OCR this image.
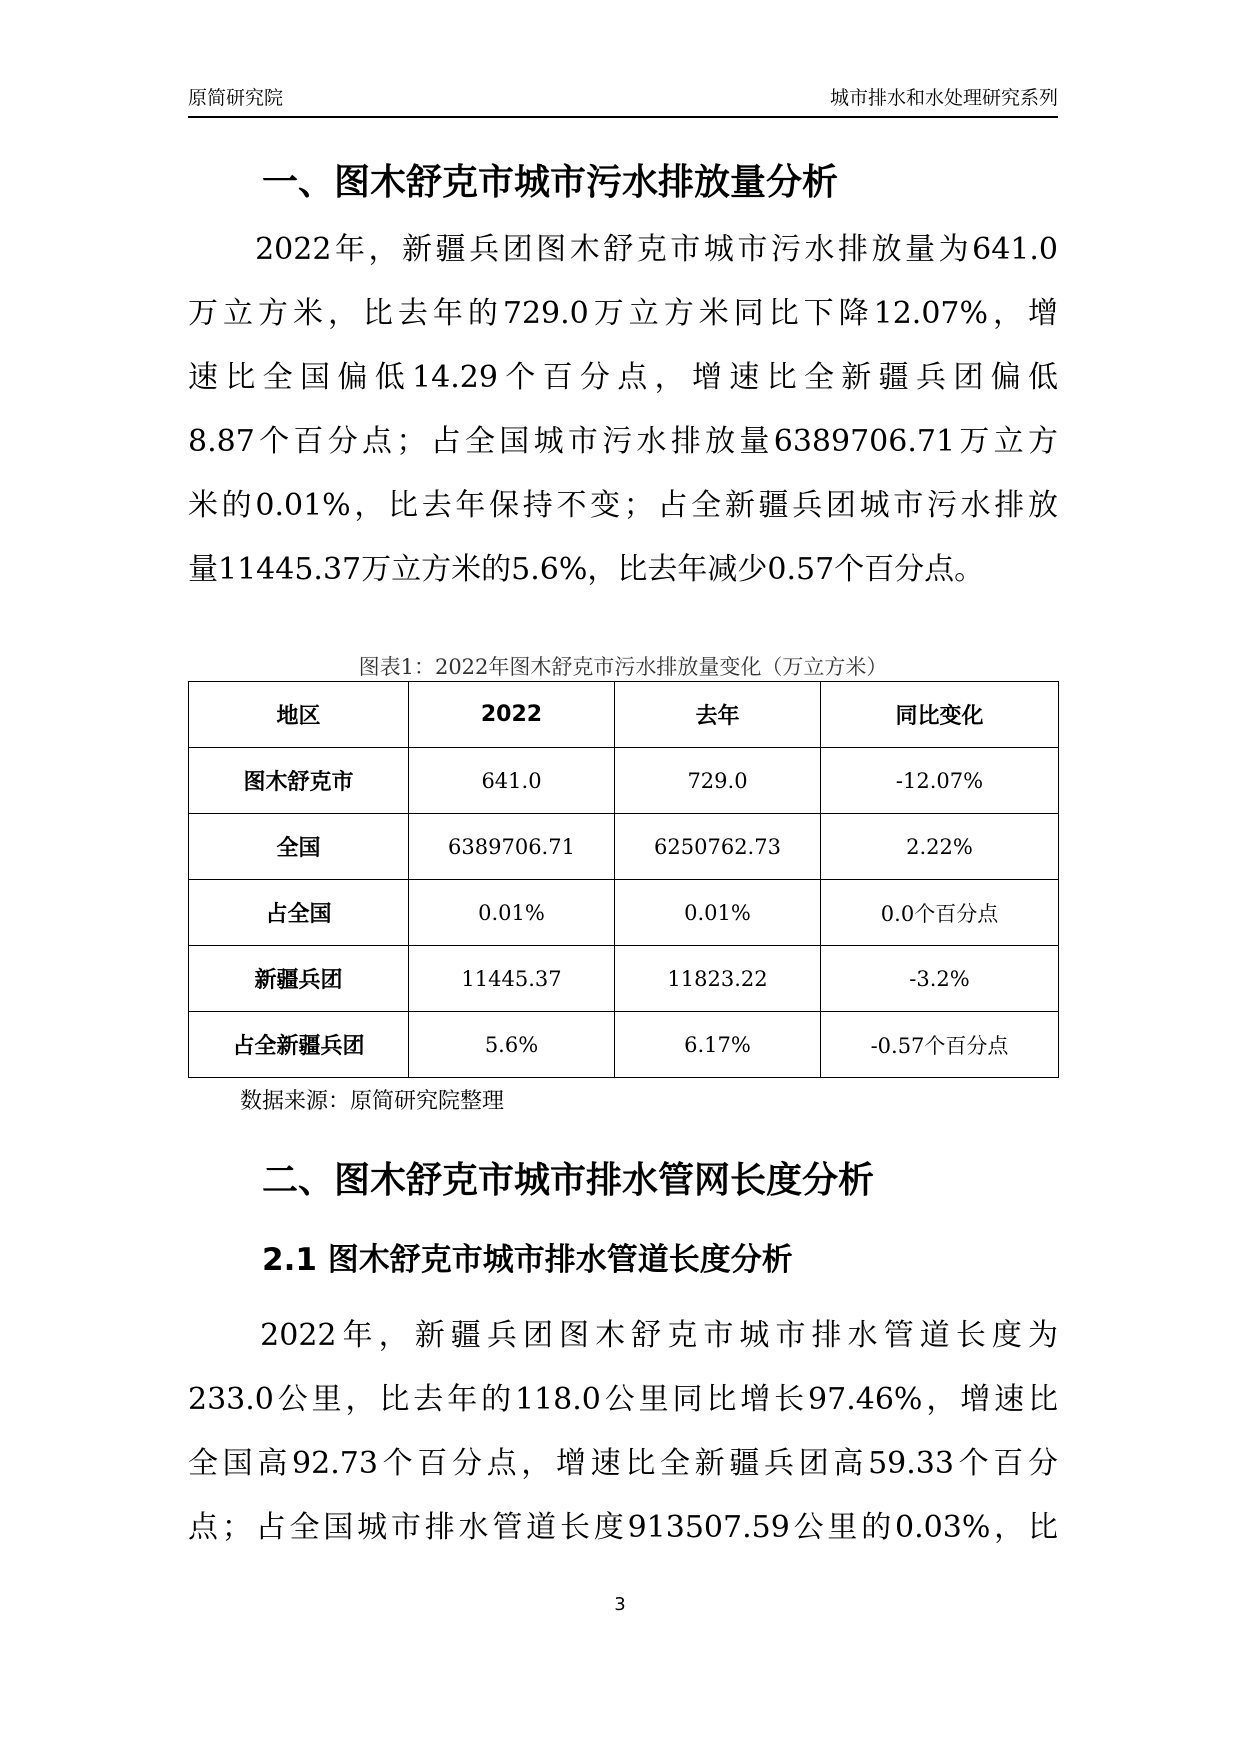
原简研究院	城市排水和水处理研究系列
一、图木舒克市城市污水排放量分析

　　2022年，新疆兵团图木舒克市城市污水排放量为641.0
万立方米，比去年的729.0万立方米同比下降12.07%，增
速比全国偏低14.29个百分点，增速比全新疆兵团偏低
8.87个百分点；占全国城市污水排放量6389706.71万立方
米的0.01%，比去年保持不变；占全新疆兵团城市污水排放
量11445.37万立方米的5.6%，比去年减少0.57个百分点。

图表1：2022年图木舒克市污水排放量变化（万立方米）
地区	2022	去年	同比变化
图木舒克市	641.0	729.0	-12.07%
全国	6389706.71	6250762.73	2.22%
占全国	0.01%	0.01%	0.0个百分点
新疆兵团	11445.37	11823.22	-3.2%
占全新疆兵团	5.6%	6.17%	-0.57个百分点
数据来源：原简研究院整理
二、图木舒克市城市排水管网长度分析
2.1 图木舒克市城市排水管道长度分析

　　2022年，新疆兵团图木舒克市城市排水管道长度为
233.0公里，比去年的118.0公里同比增长97.46%，增速比
全国高92.73个百分点，增速比全新疆兵团高59.33个百分
点；占全国城市排水管道长度913507.59公里的0.03%，比

3
